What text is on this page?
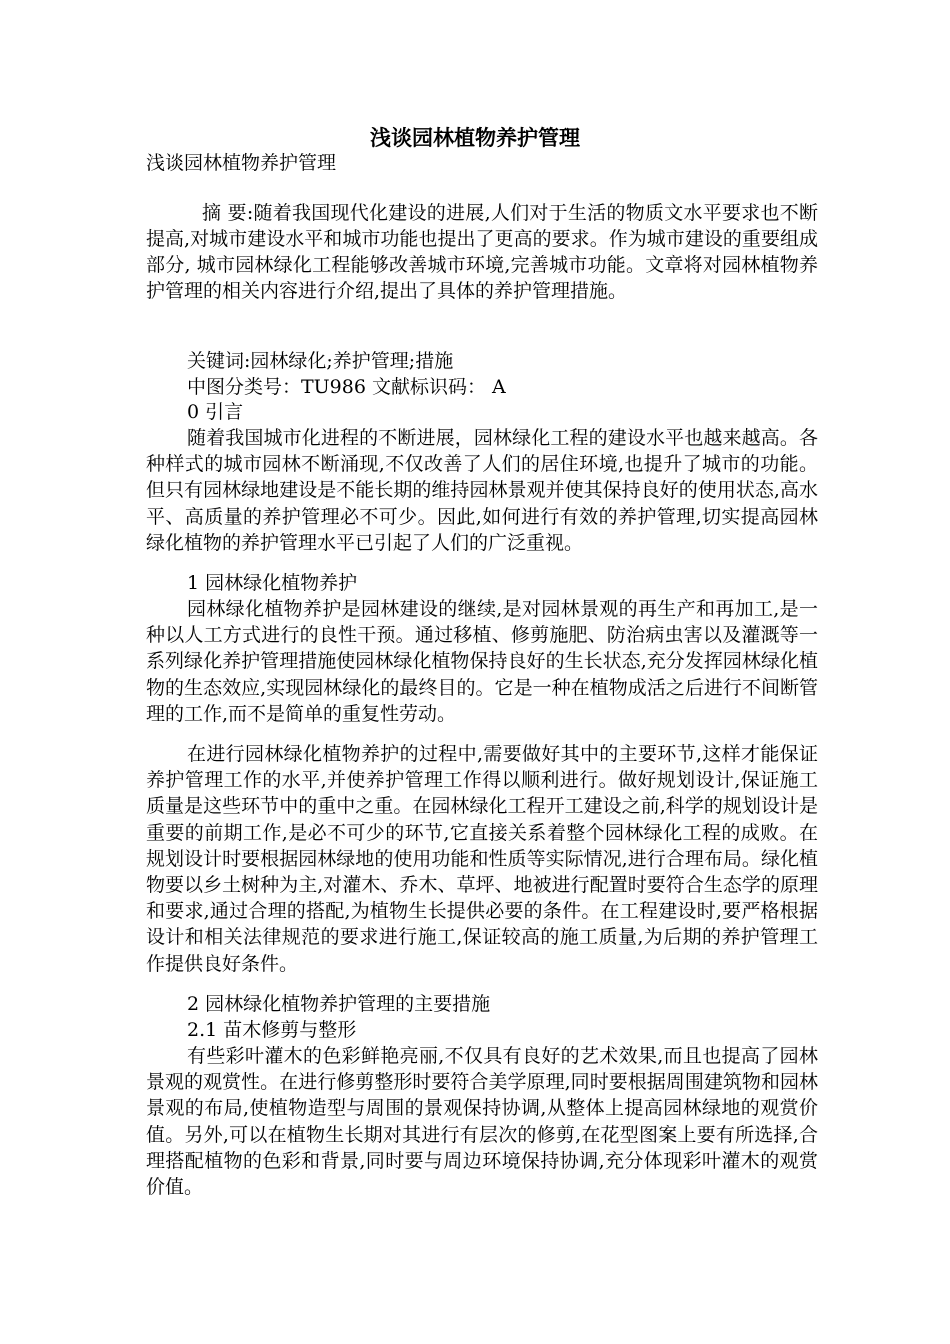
浅谈园林植物养护管理

浅谈园林植物养护管理

摘 要:随着我国现代化建设的进展,人们对于生活的物质文水平要求也不断提高,对城市建设水平和城市功能也提出了更高的要求。作为城市建设的重要组成部分, 城市园林绿化工程能够改善城市环境,完善城市功能。文章将对园林植物养护管理的相关内容进行介绍,提出了具体的养护管理措施。

关键词:园林绿化;养护管理;措施

中图分类号：TU986 文献标识码： A

0 引言

随着我国城市化进程的不断进展，园林绿化工程的建设水平也越来越高。各种样式的城市园林不断涌现,不仅改善了人们的居住环境,也提升了城市的功能。但只有园林绿地建设是不能长期的维持园林景观并使其保持良好的使用状态,高水平、高质量的养护管理必不可少。因此,如何进行有效的养护管理,切实提高园林绿化植物的养护管理水平已引起了人们的广泛重视。

1 园林绿化植物养护

园林绿化植物养护是园林建设的继续,是对园林景观的再生产和再加工,是一种以人工方式进行的良性干预。通过移植、修剪施肥、防治病虫害以及灌溉等一系列绿化养护管理措施使园林绿化植物保持良好的生长状态,充分发挥园林绿化植物的生态效应,实现园林绿化的最终目的。它是一种在植物成活之后进行不间断管理的工作,而不是简单的重复性劳动。

在进行园林绿化植物养护的过程中,需要做好其中的主要环节,这样才能保证养护管理工作的水平,并使养护管理工作得以顺利进行。做好规划设计,保证施工质量是这些环节中的重中之重。在园林绿化工程开工建设之前,科学的规划设计是重要的前期工作,是必不可少的环节,它直接关系着整个园林绿化工程的成败。在规划设计时要根据园林绿地的使用功能和性质等实际情况,进行合理布局。绿化植物要以乡土树种为主,对灌木、乔木、草坪、地被进行配置时要符合生态学的原理和要求,通过合理的搭配,为植物生长提供必要的条件。在工程建设时,要严格根据设计和相关法律规范的要求进行施工,保证较高的施工质量,为后期的养护管理工作提供良好条件。

2 园林绿化植物养护管理的主要措施

2.1 苗木修剪与整形

有些彩叶灌木的色彩鲜艳亮丽,不仅具有良好的艺术效果,而且也提高了园林景观的观赏性。在进行修剪整形时要符合美学原理,同时要根据周围建筑物和园林景观的布局,使植物造型与周围的景观保持协调,从整体上提高园林绿地的观赏价值。另外,可以在植物生长期对其进行有层次的修剪,在花型图案上要有所选择,合理搭配植物的色彩和背景,同时要与周边环境保持协调,充分体现彩叶灌木的观赏价值。
